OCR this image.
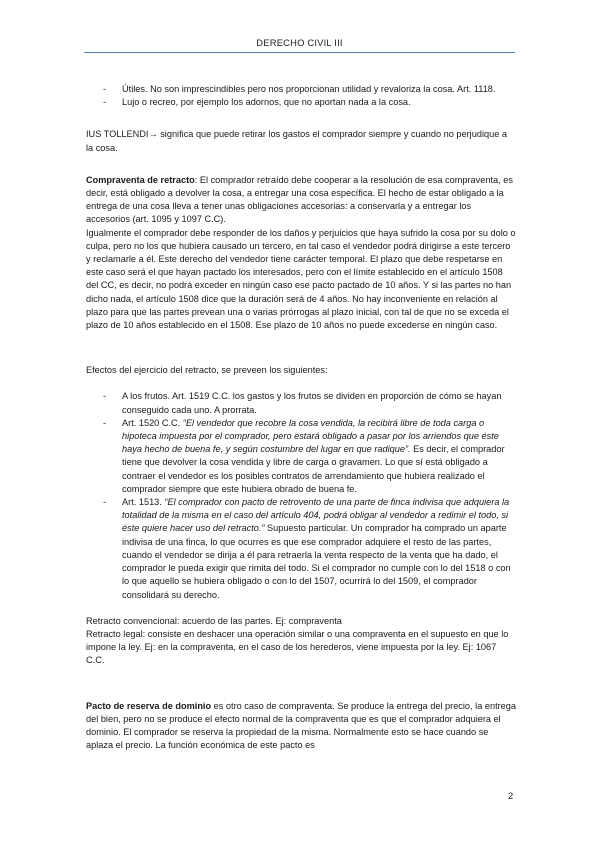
DERECHO CIVIL III
- Útiles. No son imprescindibles pero nos proporcionan utilidad y revaloriza la cosa. Art. 1118.
- Lujo o recreo, por ejemplo los adornos, que no aportan nada a la cosa.

IUS TOLLENDI→ significa que puede retirar los gastos el comprador siempre y cuando no perjudique a la cosa.

Compraventa de retracto: El comprador retraído debe cooperar a la resolución de esa compraventa, es decir, está obligado a devolver la cosa, a entregar una cosa específica. El hecho de estar obligado a la entrega de una cosa lleva a tener unas obligaciones accesorias: a conservarla y a entregar los accesorios (art. 1095 y 1097 C.C).

Igualmente el comprador debe responder de los daños y perjuicios que haya sufrido la cosa por su dolo o culpa, pero no los que hubiera causado un tercero, en tal caso el vendedor podrá dirigirse a este tercero y reclamarle a él. Este derecho del vendedor tiene carácter temporal. El plazo que debe respetarse en este caso será el que hayan pactado los interesados, pero con el límite establecido en el artículo 1508 del CC, es decir, no podrá exceder en ningún caso ese pacto pactado de 10 años. Y si las partes no han dicho nada, el artículo 1508 dice que la duración será de 4 años. No hay inconveniente en relación al plazo para que las partes prevean una o varias prórrogas al plazo inicial, con tal de que no se exceda el plazo de 10 años establecido en el 1508. Ese plazo de 10 años no puede excederse en ningún caso.

Efectos del ejercicio del retracto, se preveen los siguientes:

- A los frutos. Art. 1519 C.C. los gastos y los frutos se dividen en proporción de cómo se hayan conseguido cada uno. A prorrata.
- Art. 1520 C.C. “El vendedor que recobre la cosa vendida, la recibirá libre de toda carga o hipoteca impuesta por el comprador, pero estará obligado a pasar por los arriendos que éste haya hecho de buena fe, y según costumbre del lugar en que radique”. Es decir, el comprador tiene que devolver la cosa vendida y libre de carga o gravamen. Lo que sí está obligado a contraer el vendedor es los posibles contratos de arrendamiento que hubiera realizado el comprador siempre que este hubiera obrado de buena fe.
- Art. 1513. “El comprador con pacto de retrovento de una parte de finca indivisa que adquiera la totalidad de la misma en el caso del artículo 404, podrá obligar al vendedor a redimir el todo, si éste quiere hacer uso del retracto.” Supuesto particular. Un comprador ha comprado un aparte indivisa de una finca, lo que ocurres es que ese comprador adquiere el resto de las partes, cuando el vendedor se dirija a él para retraerla la venta respecto de la venta que ha dado, el comprador le pueda exigir que rimita del todo. Si el comprador no cumple con lo del 1518 o con lo que aquello se hubiera obligado o con lo del 1507, ocurrirá lo del 1509, el comprador consolidará su derecho.

Retracto convencional: acuerdo de las partes. Ej: compraventa

Retracto legal: consiste en deshacer una operación similar o una compraventa en el supuesto en que lo impone la ley. Ej: en la compraventa, en el caso de los herederos, viene impuesta por la ley. Ej: 1067 C.C.

Pacto de reserva de dominio es otro caso de compraventa. Se produce la entrega del precio, la entrega del bien, pero no se produce el efecto normal de la compraventa que es que el comprador adquiera el dominio. El comprador se reserva la propiedad de la misma. Normalmente esto se hace cuando se aplaza el precio. La función económica de este pacto es

2
